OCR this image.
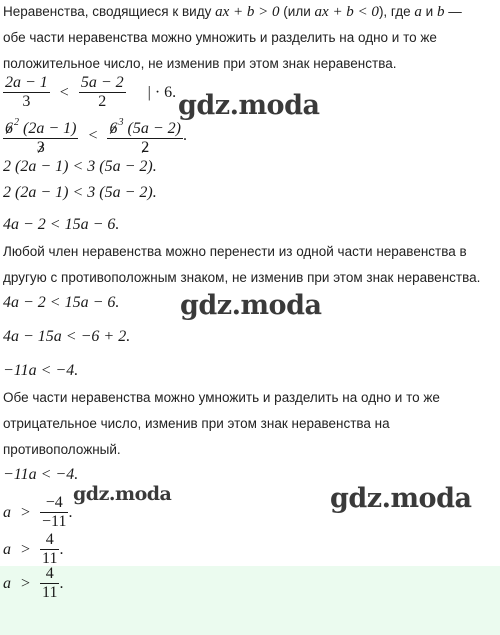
Неравенства, сводящиеся к виду ax + b > 0 (или ax + b < 0), где a и b —
обе части неравенства можно умножить и разделить на одно и то же
положительное число, не изменив при этом знак неравенства.
$\frac{2a - 1}{3} < \frac{5a - 2}{2}$ | · 6.
$\frac{6^2 (2a - 1)}{3} < \frac{6^3 (5a - 2)}{2}$ .
2 (2a − 1) < 3 (5a − 2).
2 (2a − 1) < 3 (5a − 2).
4a − 2 < 15a − 6.
Любой член неравенства можно перенести из одной части неравенства в
другую с противоположным знаком, не изменив при этом знак неравенства.
4a − 2 < 15a − 6.
4a − 15a < −6 + 2.
−11a < −4.
Обе части неравенства можно умножить и разделить на одно и то же
отрицательное число, изменив при этом знак неравенства на
противоположный.
−11a < −4.
$a > \frac{-4}{-11}$ .
$a > \frac{4}{11}$ .
$a > \frac{4}{11}$ .
gdz.moda
gdz.moda
gdz.moda	gdz.moda
